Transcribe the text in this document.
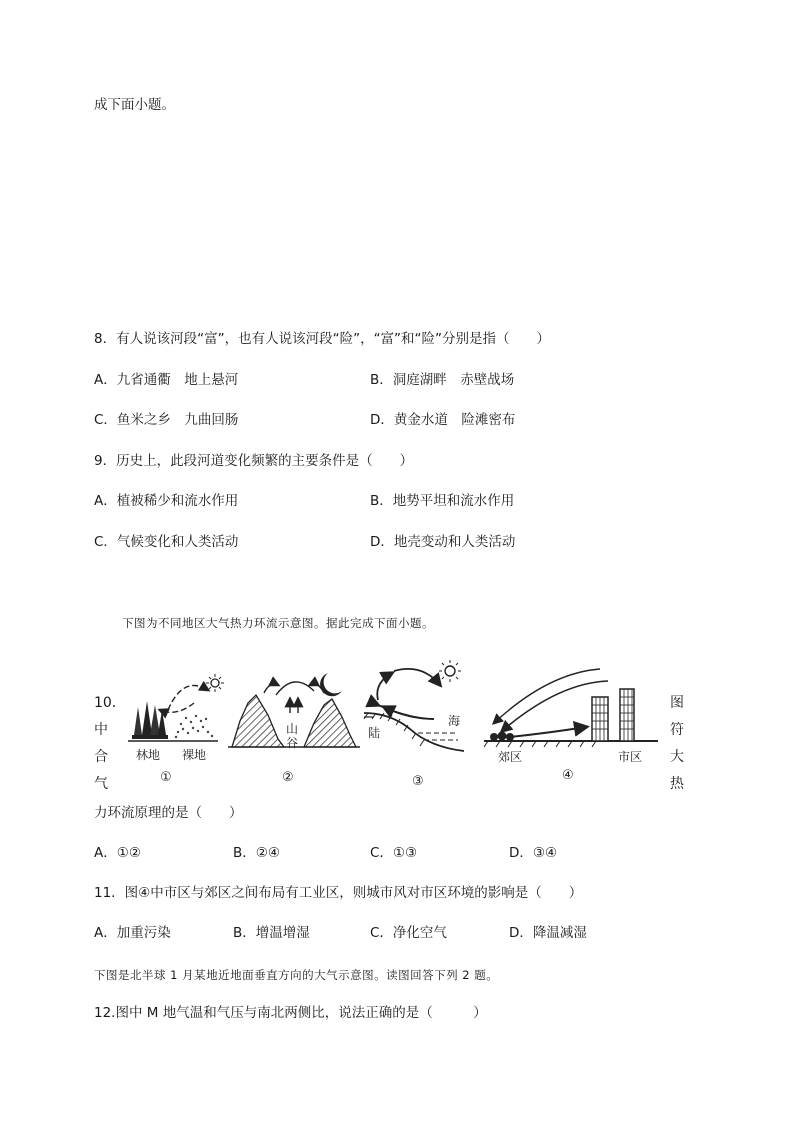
成下面小题。
8．有人说该河段“富”，也有人说该河段“险”，“富”和“险”分别是指（　　）
A．九省通衢　地上悬河	B．洞庭湖畔　赤壁战场
C．鱼米之乡　九曲回肠	D．黄金水道　险滩密布
9．历史上，此段河道变化频繁的主要条件是（　　）
A．植被稀少和流水作用	B．地势平坦和流水作用
C．气候变化和人类活动	D．地壳变动和人类活动
下图为不同地区大气热力环流示意图。据此完成下面小题。
10．
中
合
气
图
符
大
热
林地 裸地
①
山
谷
②
陆
海
③
郊区	市区
④
力环流原理的是（　　）
A．①②	B．②④	C．①③	D．③④
11．图④中市区与郊区之间布局有工业区，则城市风对市区环境的影响是（　　）
A．加重污染	B．增温增湿	C．净化空气	D．降温减湿
下图是北半球 1 月某地近地面垂直方向的大气示意图。读图回答下列 2 题。
12.图中 M 地气温和气压与南北两侧比，说法正确的是（　　　）
